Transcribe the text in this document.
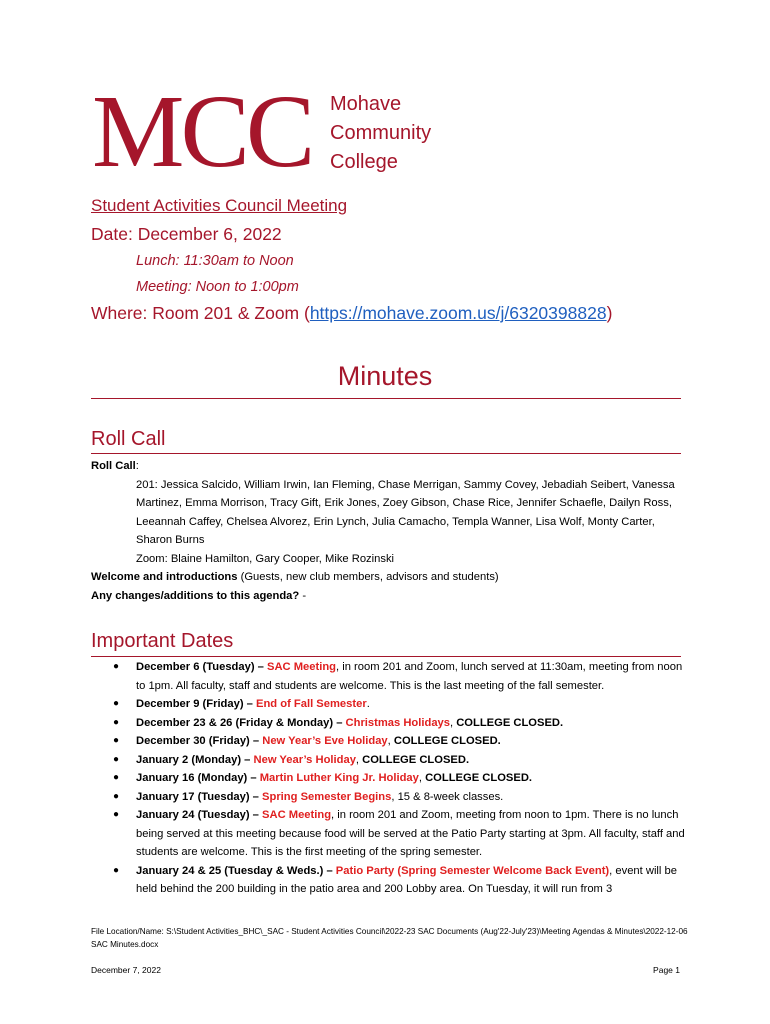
MCC Mohave
Community
College
Student Activities Council Meeting
Date: December 6, 2022
Lunch: 11:30am to Noon
Meeting: Noon to 1:00pm
Where: Room 201 & Zoom (https://mohave.zoom.us/j/6320398828)
Minutes
Roll Call
Roll Call:
201: Jessica Salcido, William Irwin, Ian Fleming, Chase Merrigan, Sammy Covey, Jebadiah Seibert, Vanessa Martinez, Emma Morrison, Tracy Gift, Erik Jones, Zoey Gibson, Chase Rice, Jennifer Schaefle, Dailyn Ross, Leeannah Caffey, Chelsea Alvorez, Erin Lynch, Julia Camacho, Templa Wanner, Lisa Wolf, Monty Carter, Sharon Burns
Zoom: Blaine Hamilton, Gary Cooper, Mike Rozinski
Welcome and introductions (Guests, new club members, advisors and students)
Any changes/additions to this agenda? -
Important Dates
● December 6 (Tuesday) – SAC Meeting, in room 201 and Zoom, lunch served at 11:30am, meeting from noon to 1pm. All faculty, staff and students are welcome. This is the last meeting of the fall semester.
● December 9 (Friday) – End of Fall Semester.
● December 23 & 26 (Friday & Monday) – Christmas Holidays, COLLEGE CLOSED.
● December 30 (Friday) – New Year’s Eve Holiday, COLLEGE CLOSED.
● January 2 (Monday) – New Year’s Holiday, COLLEGE CLOSED.
● January 16 (Monday) – Martin Luther King Jr. Holiday, COLLEGE CLOSED.
● January 17 (Tuesday) – Spring Semester Begins, 15 & 8-week classes.
● January 24 (Tuesday) – SAC Meeting, in room 201 and Zoom, meeting from noon to 1pm. There is no lunch being served at this meeting because food will be served at the Patio Party starting at 3pm. All faculty, staff and students are welcome. This is the first meeting of the spring semester.
● January 24 & 25 (Tuesday & Weds.) – Patio Party (Spring Semester Welcome Back Event), event will be held behind the 200 building in the patio area and 200 Lobby area. On Tuesday, it will run from 3
File Location/Name: S:\Student Activities_BHC\_SAC - Student Activities Council\2022-23 SAC Documents (Aug'22-July'23)\Meeting Agendas & Minutes\2022-12-06 SAC Minutes.docx
December 7, 2022	Page 1
